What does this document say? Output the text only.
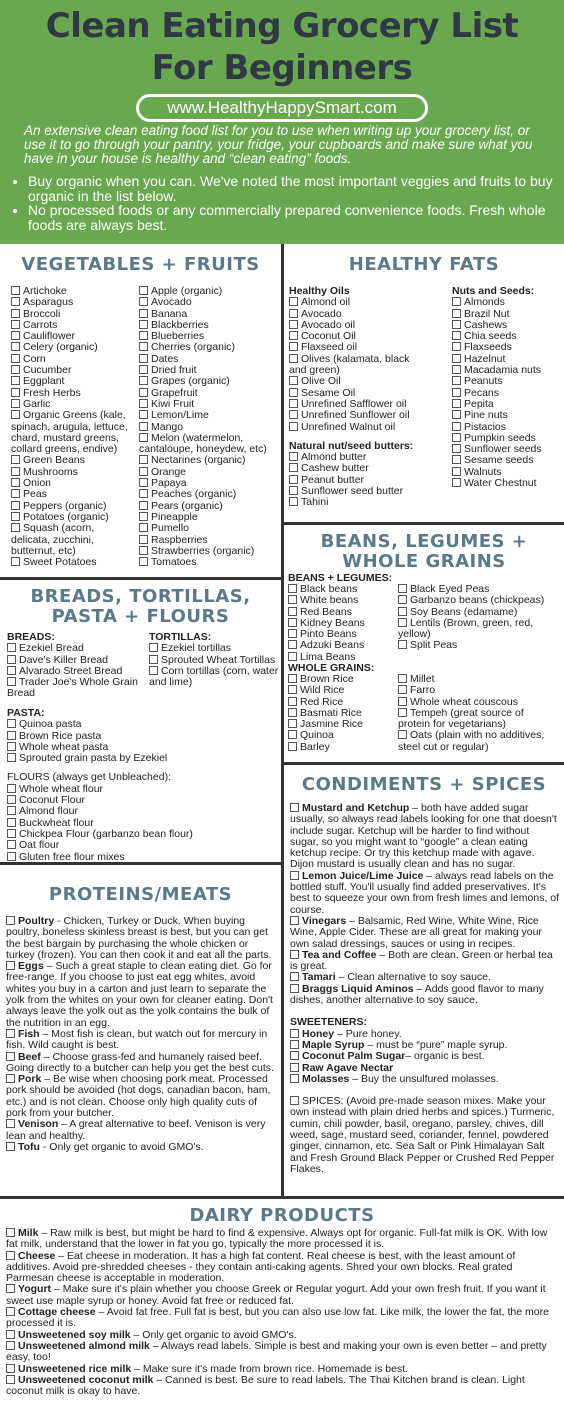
Clean Eating Grocery List
For Beginners
www.HealthyHappySmart.com
An extensive clean eating food list for you to use when writing up your grocery list, or use it to go through your pantry, your fridge, your cupboards and make sure what you have in your house is healthy and “clean eating” foods.
• Buy organic when you can. We've noted the most important veggies and fruits to buy organic in the list below.
• No processed foods or any commercially prepared convenience foods. Fresh whole foods are always best.
VEGETABLES + FRUITS
Artichoke
Asparagus
Broccoli
Carrots
Cauliflower
Celery (organic)
Corn
Cucumber
Eggplant
Fresh Herbs
Garlic
Organic Greens (kale, spinach, arugula, lettuce, chard, mustard greens, collard greens, endive)
Green Beans
Mushrooms
Onion
Peas
Peppers (organic)
Potatoes (organic)
Squash (acorn, delicata, zucchini, butternut, etc)
Sweet Potatoes
Apple (organic)
Avocado
Banana
Blackberries
Blueberries
Cherries (organic)
Dates
Dried fruit
Grapes (organic)
Grapefruit
Kiwi Fruit
Lemon/Lime
Mango
Melon (watermelon, cantaloupe, honeydew, etc)
Nectarines (organic)
Orange
Papaya
Peaches (organic)
Pears (organic)
Pineapple
Pumello
Raspberries
Strawberries (organic)
Tomatoes
HEALTHY FATS
Healthy Oils
Almond oil
Avocado
Avocado oil
Coconut Oil
Flaxseed oil
Olives (kalamata, black and green)
Olive Oil
Sesame Oil
Unrefined Safflower oil
Unrefined Sunflower oil
Unrefined Walnut oil
Natural nut/seed butters:
Almond butter
Cashew butter
Peanut butter
Sunflower seed butter
Tahini
Nuts and Seeds:
Almonds
Brazil Nut
Cashews
Chia seeds
Flaxseeds
Hazelnut
Macadamia nuts
Peanuts
Pecans
Pepita
Pine nuts
Pistacios
Pumpkin seeds
Sunflower seeds
Sesame seeds
Walnuts
Water Chestnut
BREADS, TORTILLAS,
PASTA + FLOURS
BREADS:
Ezekiel Bread
Dave's Killer Bread
Alvarado Street Bread
Trader Joe's Whole Grain Bread
TORTILLAS:
Ezekiel tortillas
Sprouted Wheat Tortillas
Corn tortillas (corn, water and lime)
PASTA:
Quinoa pasta
Brown Rice pasta
Whole wheat pasta
Sprouted grain pasta by Ezekiel
FLOURS (always get Unbleached):
Whole wheat flour
Coconut Flour
Almond flour
Buckwheat flour
Chickpea Flour (garbanzo bean flour)
Oat flour
Gluten free flour mixes
BEANS, LEGUMES +
WHOLE GRAINS
BEANS + LEGUMES:
Black beans
White beans
Red Beans
Kidney Beans
Pinto Beans
Adzuki Beans
Lima Beans
Black Eyed Peas
Garbanzo beans (chickpeas)
Soy Beans (edamame)
Lentils (Brown, green, red, yellow)
Split Peas
WHOLE GRAINS:
Brown Rice
Wild Rice
Red Rice
Basmati Rice
Jasmine Rice
Quinoa
Barley
Millet
Farro
Whole wheat couscous
Tempeh (great source of protein for vegetarians)
Oats (plain with no additives, steel cut or regular)
PROTEINS/MEATS

Poultry - Chicken, Turkey or Duck. When buying poultry, boneless skinless breast is best, but you can get the best bargain by purchasing the whole chicken or turkey (frozen). You can then cook it and eat all the parts.

Eggs – Such a great staple to clean eating diet. Go for free-range. If you choose to just eat egg whites, avoid whites you buy in a carton and just learn to separate the yolk from the whites on your own for cleaner eating. Don't always leave the yolk out as the yolk contains the bulk of the nutrition in an egg.

Fish – Most fish is clean, but watch out for mercury in fish. Wild caught is best.

Beef – Choose grass-fed and humanely raised beef. Going directly to a butcher can help you get the best cuts.

Pork – Be wise when choosing pork meat. Processed pork should be avoided (hot dogs, canadian bacon, ham, etc.) and is not clean. Choose only high quality cuts of pork from your butcher.

Venison – A great alternative to beef. Venison is very lean and healthy.

Tofu - Only get organic to avoid GMO's.

CONDIMENTS + SPICES

Mustard and Ketchup – both have added sugar usually, so always read labels looking for one that doesn't include sugar. Ketchup will be harder to find without sugar, so you might want to “google” a clean eating ketchup recipe. Or try this ketchup made with agave. Dijon mustard is usually clean and has no sugar.

Lemon Juice/Lime Juice – always read labels on the bottled stuff. You'll usually find added preservatives. It's best to squeeze your own from fresh limes and lemons, of course.

Vinegars – Balsamic, Red Wine, White Wine, Rice Wine, Apple Cider. These are all great for making your own salad dressings, sauces or using in recipes.

Tea and Coffee – Both are clean. Green or herbal tea is great.

Tamari – Clean alternative to soy sauce.

Braggs Liquid Aminos – Adds good flavor to many dishes, another alternative to soy sauce.

SWEETENERS:

Honey – Pure honey.

Maple Syrup – must be “pure” maple syrup.

Coconut Palm Sugar– organic is best.

Raw Agave Nectar

Molasses – Buy the unsulfured molasses.

SPICES: (Avoid pre-made season mixes. Make your own instead with plain dried herbs and spices.) Turmeric, cumin, chili powder, basil, oregano, parsley, chives, dill weed, sage, mustard seed, coriander, fennel, powdered ginger, cinnamon, etc. Sea Salt or Pink Himalayan Salt and Fresh Ground Black Pepper or Crushed Red Pepper Flakes.

DAIRY PRODUCTS

Milk – Raw milk is best, but might be hard to find & expensive. Always opt for organic. Full-fat milk is OK. With low fat milk, understand that the lower in fat you go, typically the more processed it is.

Cheese – Eat cheese in moderation. It has a high fat content. Real cheese is best, with the least amount of additives. Avoid pre-shredded cheeses - they contain anti-caking agents. Shred your own blocks. Real grated Parmesan cheese is acceptable in moderation.

Yogurt – Make sure it's plain whether you choose Greek or Regular yogurt. Add your own fresh fruit. If you want it sweet use maple syrup or honey. Avoid fat free or reduced fat.

Cottage cheese – Avoid fat free. Full fat is best, but you can also use low fat. Like milk, the lower the fat, the more processed it is.

Unsweetened soy milk – Only get organic to avoid GMO's.

Unsweetened almond milk – Always read labels. Simple is best and making your own is even better – and pretty easy, too!

Unsweetened rice milk – Make sure it's made from brown rice. Homemade is best.

Unsweetened coconut milk – Canned is best. Be sure to read labels. The Thai Kitchen brand is clean. Light coconut milk is okay to have.
